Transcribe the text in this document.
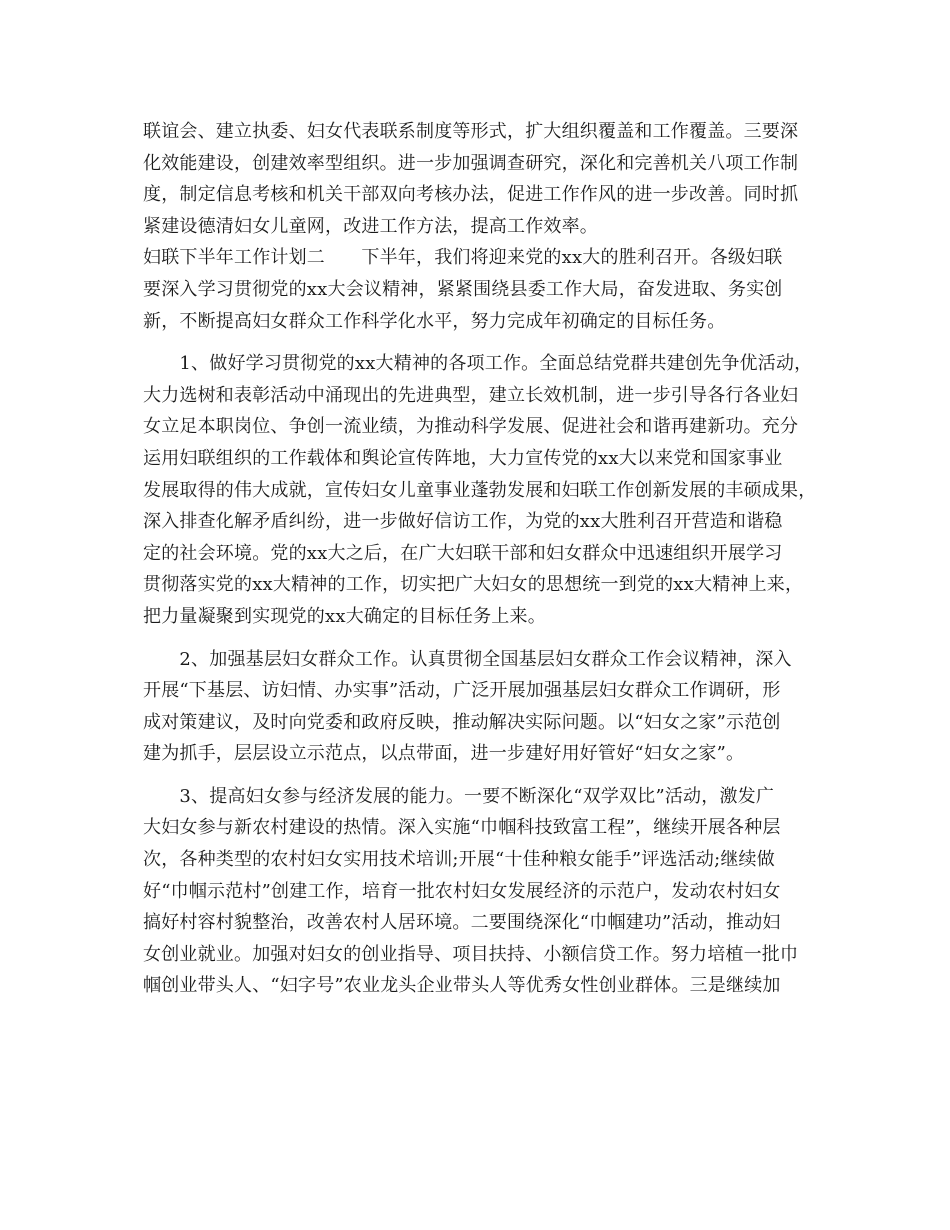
联谊会、建立执委、妇女代表联系制度等形式，扩大组织覆盖和工作覆盖。三要深
化效能建设，创建效率型组织。进一步加强调查研究，深化和完善机关八项工作制
度，制定信息考核和机关干部双向考核办法，促进工作作风的进一步改善。同时抓
紧建设德清妇女儿童网，改进工作方法，提高工作效率。
妇联下半年工作计划二　　下半年，我们将迎来党的xx大的胜利召开。各级妇联
要深入学习贯彻党的xx大会议精神，紧紧围绕县委工作大局，奋发进取、务实创
新，不断提高妇女群众工作科学化水平，努力完成年初确定的目标任务。
　　1、做好学习贯彻党的xx大精神的各项工作。全面总结党群共建创先争优活动，
大力选树和表彰活动中涌现出的先进典型，建立长效机制，进一步引导各行各业妇
女立足本职岗位、争创一流业绩，为推动科学发展、促进社会和谐再建新功。充分
运用妇联组织的工作载体和舆论宣传阵地，大力宣传党的xx大以来党和国家事业
发展取得的伟大成就，宣传妇女儿童事业蓬勃发展和妇联工作创新发展的丰硕成果，
深入排查化解矛盾纠纷，进一步做好信访工作，为党的xx大胜利召开营造和谐稳
定的社会环境。党的xx大之后，在广大妇联干部和妇女群众中迅速组织开展学习
贯彻落实党的xx大精神的工作，切实把广大妇女的思想统一到党的xx大精神上来，
把力量凝聚到实现党的xx大确定的目标任务上来。
　　2、加强基层妇女群众工作。认真贯彻全国基层妇女群众工作会议精神，深入
开展“下基层、访妇情、办实事”活动，广泛开展加强基层妇女群众工作调研，形
成对策建议，及时向党委和政府反映，推动解决实际问题。以“妇女之家”示范创
建为抓手，层层设立示范点，以点带面，进一步建好用好管好“妇女之家”。
　　3、提高妇女参与经济发展的能力。一要不断深化“双学双比”活动，激发广
大妇女参与新农村建设的热情。深入实施“巾帼科技致富工程”，继续开展各种层
次，各种类型的农村妇女实用技术培训;开展“十佳种粮女能手”评选活动;继续做
好“巾帼示范村”创建工作，培育一批农村妇女发展经济的示范户，发动农村妇女
搞好村容村貌整治，改善农村人居环境。二要围绕深化“巾帼建功”活动，推动妇
女创业就业。加强对妇女的创业指导、项目扶持、小额信贷工作。努力培植一批巾
帼创业带头人、“妇字号”农业龙头企业带头人等优秀女性创业群体。三是继续加
